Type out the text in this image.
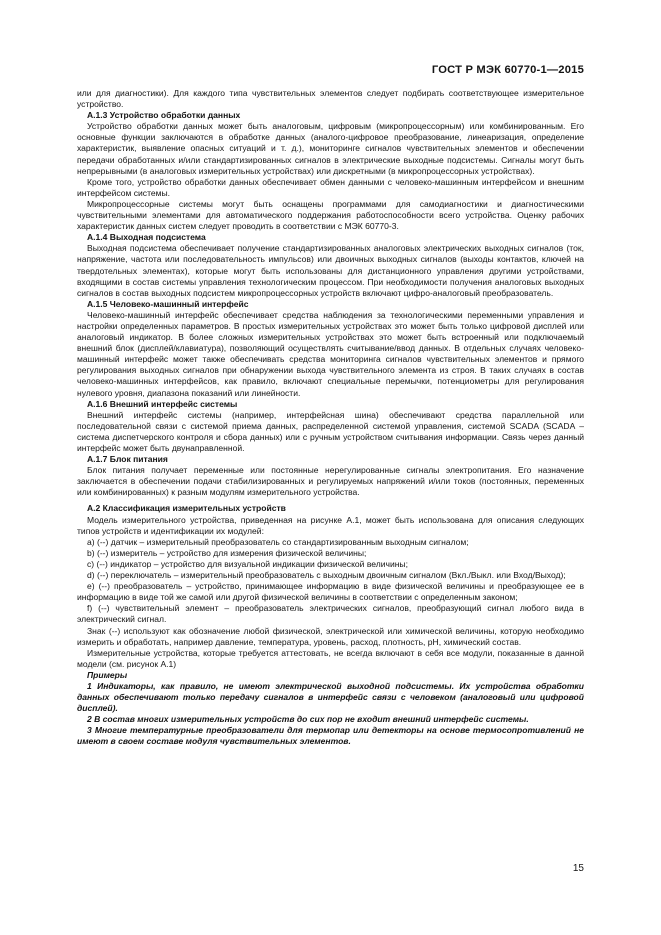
ГОСТ Р МЭК 60770-1—2015
или для диагностики). Для каждого типа чувствительных элементов следует подбирать соответствующее измерительное устройство.
А.1.3 Устройство обработки данных
Устройство обработки данных может быть аналоговым, цифровым (микропроцессорным) или комбинированным. Его основные функции заключаются в обработке данных (аналого-цифровое преобразование, линеаризация, определение характеристик, выявление опасных ситуаций и т. д.), мониторинге сигналов чувствительных элементов и обеспечении передачи обработанных и/или стандартизированных сигналов в электрические выходные подсистемы. Сигналы могут быть непрерывными (в аналоговых измерительных устройствах) или дискретными (в микропроцессорных устройствах).
Кроме того, устройство обработки данных обеспечивает обмен данными с человеко-машинным интерфейсом и внешним интерфейсом системы.
Микропроцессорные системы могут быть оснащены программами для самодиагностики и диагностическими чувствительными элементами для автоматического поддержания работоспособности всего устройства. Оценку рабочих характеристик данных систем следует проводить в соответствии с МЭК 60770-3.
А.1.4 Выходная подсистема
Выходная подсистема обеспечивает получение стандартизированных аналоговых электрических выходных сигналов (ток, напряжение, частота или последовательность импульсов) или двоичных выходных сигналов (выходы контактов, ключей на твердотельных элементах), которые могут быть использованы для дистанционного управления другими устройствами, входящими в состав системы управления технологическим процессом. При необходимости получения аналоговых выходных сигналов в состав выходных подсистем микропроцессорных устройств включают цифро-аналоговый преобразователь.
А.1.5 Человеко-машинный интерфейс
Человеко-машинный интерфейс обеспечивает средства наблюдения за технологическими переменными управления и настройки определенных параметров. В простых измерительных устройствах это может быть только цифровой дисплей или аналоговый индикатор. В более сложных измерительных устройствах это может быть встроенный или подключаемый внешний блок (дисплей/клавиатура), позволяющий осуществлять считывание/ввод данных. В отдельных случаях человеко-машинный интерфейс может также обеспечивать средства мониторинга сигналов чувствительных элементов и прямого регулирования выходных сигналов при обнаружении выхода чувствительного элемента из строя. В таких случаях в состав человеко-машинных интерфейсов, как правило, включают специальные перемычки, потенциометры для регулирования нулевого уровня, диапазона показаний или линейности.
А.1.6 Внешний интерфейс системы
Внешний интерфейс системы (например, интерфейсная шина) обеспечивают средства параллельной или последовательной связи с системой приема данных, распределенной системой управления, системой SCADA (SCADA – система диспетчерского контроля и сбора данных) или с ручным устройством считывания информации. Связь через данный интерфейс может быть двунаправленной.
А.1.7 Блок питания
Блок питания получает переменные или постоянные нерегулированные сигналы электропитания. Его назначение заключается в обеспечении подачи стабилизированных и регулируемых напряжений и/или токов (постоянных, переменных или комбинированных) к разным модулям измерительного устройства.
А.2 Классификация измерительных устройств
Модель измерительного устройства, приведенная на рисунке А.1, может быть использована для описания следующих типов устройств и идентификации их модулей:
а) (--) датчик – измерительный преобразователь со стандартизированным выходным сигналом;
b) (--) измеритель – устройство для измерения физической величины;
с) (--) индикатор – устройство для визуальной индикации физической величины;
d) (--) переключатель – измерительный преобразователь с выходным двоичным сигналом (Вкл./Выкл. или Вход/Выход);
е) (--) преобразователь – устройство, принимающее информацию в виде физической величины и преобразующее ее в информацию в виде той же самой или другой физической величины в соответствии с определенным законом;
f) (--) чувствительный элемент – преобразователь электрических сигналов, преобразующий сигнал любого вида в электрический сигнал.
Знак (--) используют как обозначение любой физической, электрической или химической величины, которую необходимо измерить и обработать, например давление, температура, уровень, расход, плотность, рН, химический состав.
Измерительные устройства, которые требуется аттестовать, не всегда включают в себя все модули, показанные в данной модели (см. рисунок А.1)
Примеры
1 Индикаторы, как правило, не имеют электрической выходной подсистемы. Их устройства обработки данных обеспечивают только передачу сигналов в интерфейс связи с человеком (аналоговый или цифровой дисплей).
2 В состав многих измерительных устройств до сих пор не входит внешний интерфейс системы.
3 Многие температурные преобразователи для термопар или детекторы на основе термосопротивлений не имеют в своем составе модуля чувствительных элементов.
15
